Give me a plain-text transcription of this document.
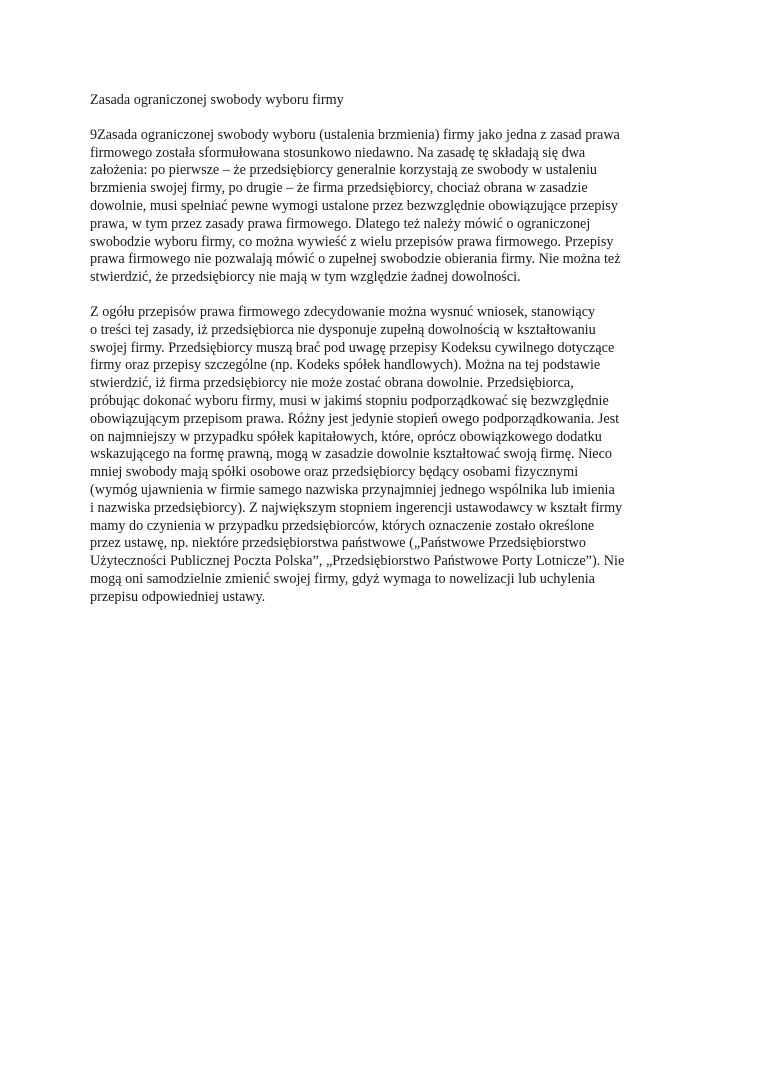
Zasada ograniczonej swobody wyboru firmy

9Zasada ograniczonej swobody wyboru (ustalenia brzmienia) firmy jako jedna z zasad prawa
firmowego została sformułowana stosunkowo niedawno. Na zasadę tę składają się dwa
założenia: po pierwsze – że przedsiębiorcy generalnie korzystają ze swobody w ustaleniu
brzmienia swojej firmy, po drugie – że firma przedsiębiorcy, chociaż obrana w zasadzie
dowolnie, musi spełniać pewne wymogi ustalone przez bezwzględnie obowiązujące przepisy
prawa, w tym przez zasady prawa firmowego. Dlatego też należy mówić o ograniczonej
swobodzie wyboru firmy, co można wywieść z wielu przepisów prawa firmowego. Przepisy
prawa firmowego nie pozwalają mówić o zupełnej swobodzie obierania firmy. Nie można też
stwierdzić, że przedsiębiorcy nie mają w tym względzie żadnej dowolności.

Z ogółu przepisów prawa firmowego zdecydowanie można wysnuć wniosek, stanowiący
o treści tej zasady, iż przedsiębiorca nie dysponuje zupełną dowolnością w kształtowaniu
swojej firmy. Przedsiębiorcy muszą brać pod uwagę przepisy Kodeksu cywilnego dotyczące
firmy oraz przepisy szczególne (np. Kodeks spółek handlowych). Można na tej podstawie
stwierdzić, iż firma przedsiębiorcy nie może zostać obrana dowolnie. Przedsiębiorca,
próbując dokonać wyboru firmy, musi w jakimś stopniu podporządkować się bezwzględnie
obowiązującym przepisom prawa. Różny jest jedynie stopień owego podporządkowania. Jest
on najmniejszy w przypadku spółek kapitałowych, które, oprócz obowiązkowego dodatku
wskazującego na formę prawną, mogą w zasadzie dowolnie kształtować swoją firmę. Nieco
mniej swobody mają spółki osobowe oraz przedsiębiorcy będący osobami fizycznymi
(wymóg ujawnienia w firmie samego nazwiska przynajmniej jednego wspólnika lub imienia
i nazwiska przedsiębiorcy). Z największym stopniem ingerencji ustawodawcy w kształt firmy
mamy do czynienia w przypadku przedsiębiorców, których oznaczenie zostało określone
przez ustawę, np. niektóre przedsiębiorstwa państwowe („Państwowe Przedsiębiorstwo
Użyteczności Publicznej Poczta Polska”, „Przedsiębiorstwo Państwowe Porty Lotnicze”). Nie
mogą oni samodzielnie zmienić swojej firmy, gdyż wymaga to nowelizacji lub uchylenia
przepisu odpowiedniej ustawy.
